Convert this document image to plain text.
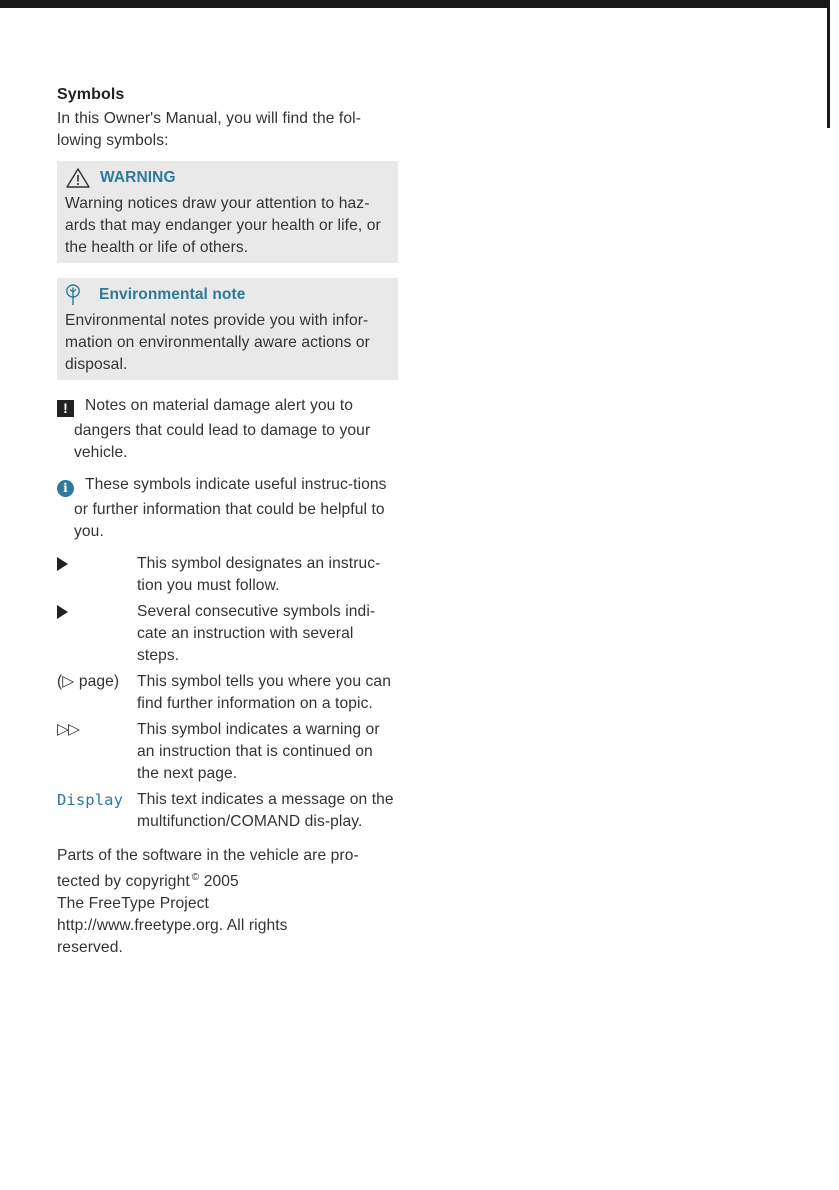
Symbols

In this Owner's Manual, you will find the fol-
lowing symbols:

WARNING

Warning notices draw your attention to haz-ards that may endanger your health or life, or the health or life of others.

Environmental note

Environmental notes provide you with infor-mation on environmentally aware actions or disposal.

! Notes on material damage alert you to dangers that could lead to damage to your vehicle.
i These symbols indicate useful instruc-tions or further information that could be helpful to you.
This symbol designates an instruc-tion you must follow.
Several consecutive symbols indi-cate an instruction with several steps.
(▷ page)	This symbol tells you where you can find further information on a topic.
▷▷	This symbol indicates a warning or an instruction that is continued on the next page.
Display This text indicates a message on the multifunction/COMAND dis-play.
Parts of the software in the vehicle are pro-
tected by copyright © 2005
The FreeType Project
http://www.freetype.org. All rights
reserved.
